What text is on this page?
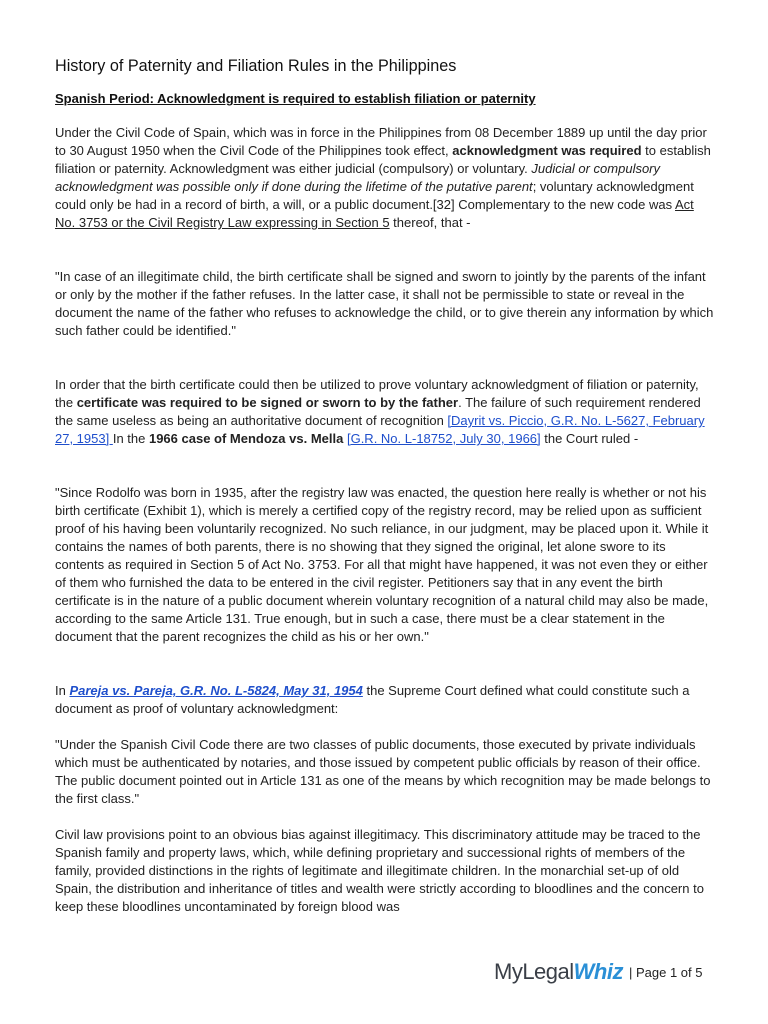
History of Paternity and Filiation Rules in the Philippines
Spanish Period: Acknowledgment is required to establish filiation or paternity

Under the Civil Code of Spain, which was in force in the Philippines from 08 December 1889 up until the day prior to 30 August 1950 when the Civil Code of the Philippines took effect, acknowledgment was required to establish filiation or paternity. Acknowledgment was either judicial (compulsory) or voluntary. Judicial or compulsory acknowledgment was possible only if done during the lifetime of the putative parent; voluntary acknowledgment could only be had in a record of birth, a will, or a public document.[32] Complementary to the new code was Act No. 3753 or the Civil Registry Law expressing in Section 5 thereof, that -

"In case of an illegitimate child, the birth certificate shall be signed and sworn to jointly by the parents of the infant or only by the mother if the father refuses. In the latter case, it shall not be permissible to state or reveal in the document the name of the father who refuses to acknowledge the child, or to give therein any information by which such father could be identified."

In order that the birth certificate could then be utilized to prove voluntary acknowledgment of filiation or paternity, the certificate was required to be signed or sworn to by the father. The failure of such requirement rendered the same useless as being an authoritative document of recognition [Dayrit vs. Piccio, G.R. No. L-5627, February 27, 1953] In the 1966 case of Mendoza vs. Mella [G.R. No. L-18752, July 30, 1966] the Court ruled -

"Since Rodolfo was born in 1935, after the registry law was enacted, the question here really is whether or not his birth certificate (Exhibit 1), which is merely a certified copy of the registry record, may be relied upon as sufficient proof of his having been voluntarily recognized. No such reliance, in our judgment, may be placed upon it. While it contains the names of both parents, there is no showing that they signed the original, let alone swore to its contents as required in Section 5 of Act No. 3753. For all that might have happened, it was not even they or either of them who furnished the data to be entered in the civil register. Petitioners say that in any event the birth certificate is in the nature of a public document wherein voluntary recognition of a natural child may also be made, according to the same Article 131. True enough, but in such a case, there must be a clear statement in the document that the parent recognizes the child as his or her own."

In Pareja vs. Pareja, G.R. No. L-5824, May 31, 1954 the Supreme Court defined what could constitute such a document as proof of voluntary acknowledgment:

"Under the Spanish Civil Code there are two classes of public documents, those executed by private individuals which must be authenticated by notaries, and those issued by competent public officials by reason of their office. The public document pointed out in Article 131 as one of the means by which recognition may be made belongs to the first class."

Civil law provisions point to an obvious bias against illegitimacy. This discriminatory attitude may be traced to the Spanish family and property laws, which, while defining proprietary and successional rights of members of the family, provided distinctions in the rights of legitimate and illegitimate children. In the monarchial set-up of old Spain, the distribution and inheritance of titles and wealth were strictly according to bloodlines and the concern to keep these bloodlines uncontaminated by foreign blood was

MyLegal Whiz | Page 1 of 5
